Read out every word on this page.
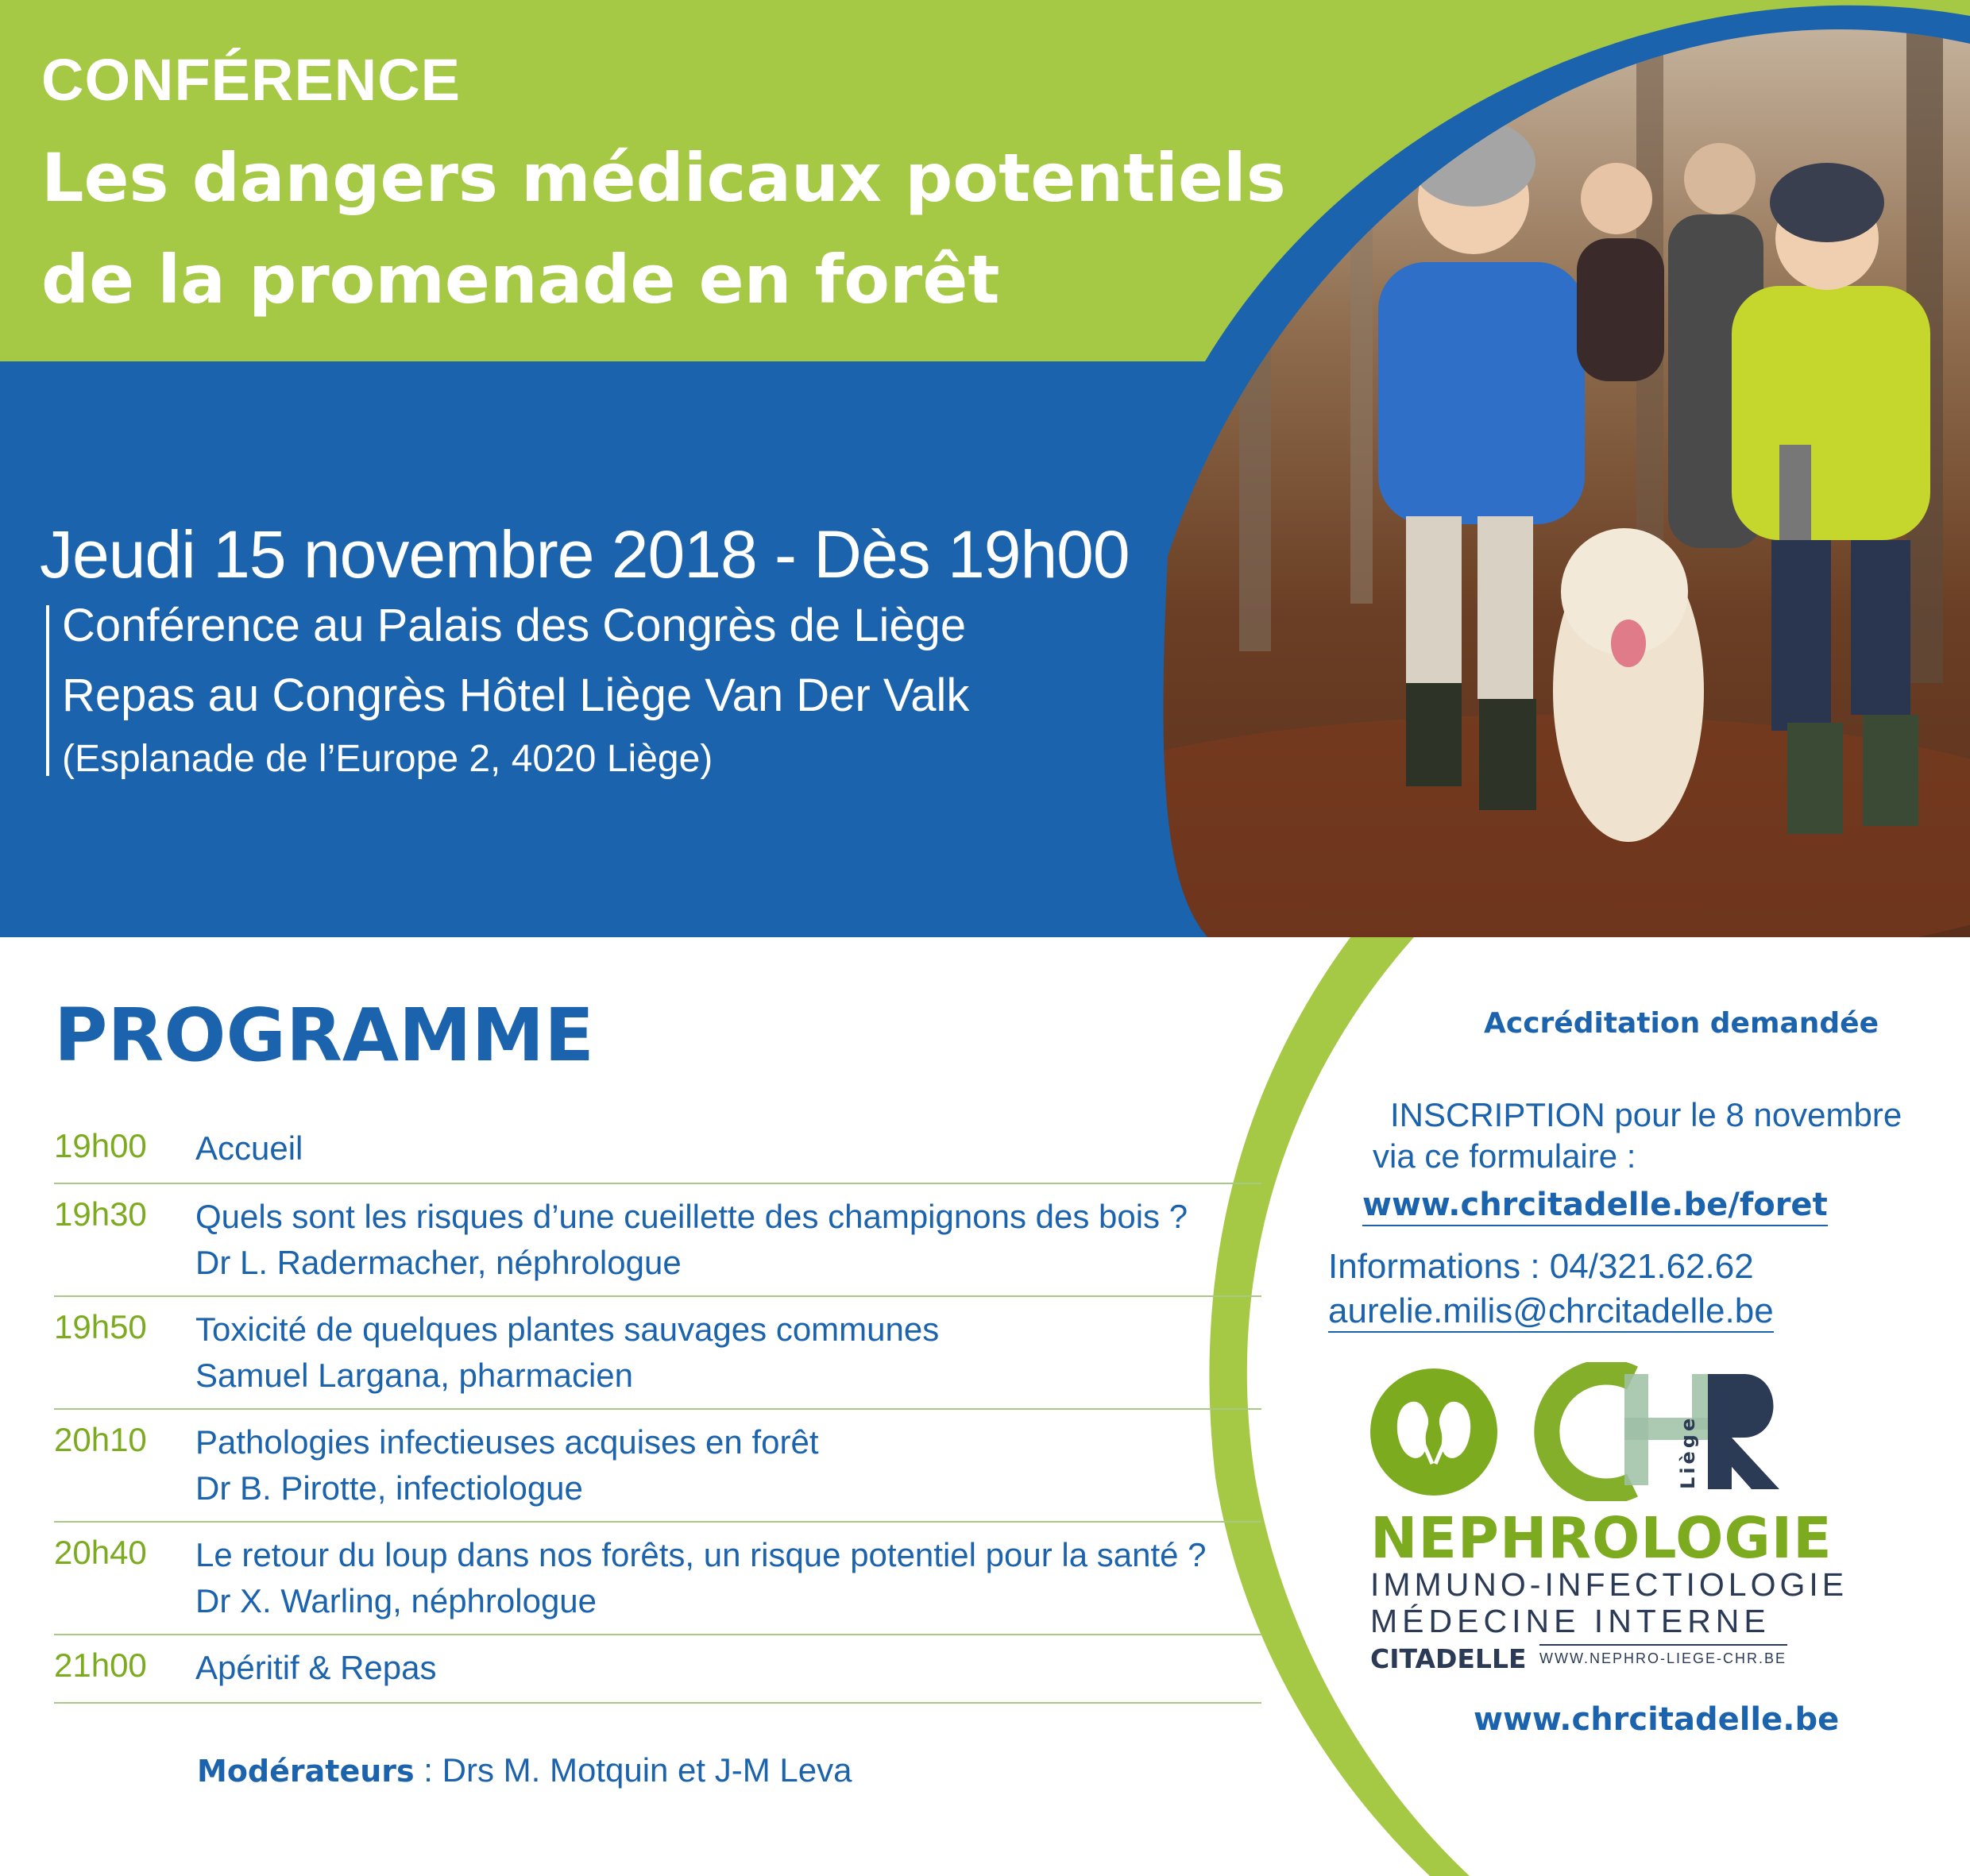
CONFÉRENCE
Les dangers médicaux potentiels
de la promenade en forêt
Jeudi 15 novembre 2018 - Dès 19h00
Conférence au Palais des Congrès de Liège
Repas au Congrès Hôtel Liège Van Der Valk
(Esplanade de l’Europe 2, 4020 Liège)
PROGRAMME
19h00	Accueil
19h30	Quels sont les risques d’une cueillette des champignons des bois ?
Dr L. Radermacher, néphrologue
19h50	Toxicité de quelques plantes sauvages communes
Samuel Largana, pharmacien
20h10	Pathologies infectieuses acquises en forêt
Dr B. Pirotte, infectiologue
20h40	Le retour du loup dans nos forêts, un risque potentiel pour la santé ?
Dr X. Warling, néphrologue
21h00	Apéritif & Repas
Modérateurs : Drs M. Motquin et J-M Leva
Accréditation demandée
INSCRIPTION pour le 8 novembre
via ce formulaire :
www.chrcitadelle.be/foret
Informations : 04/321.62.62
aurelie.milis@chrcitadelle.be
Liège
NEPHROLOGIE
IMMUNO-INFECTIOLOGIE
MÉDECINE INTERNE
CITADELLE WWW.NEPHRO-LIEGE-CHR.BE
www.chrcitadelle.be
